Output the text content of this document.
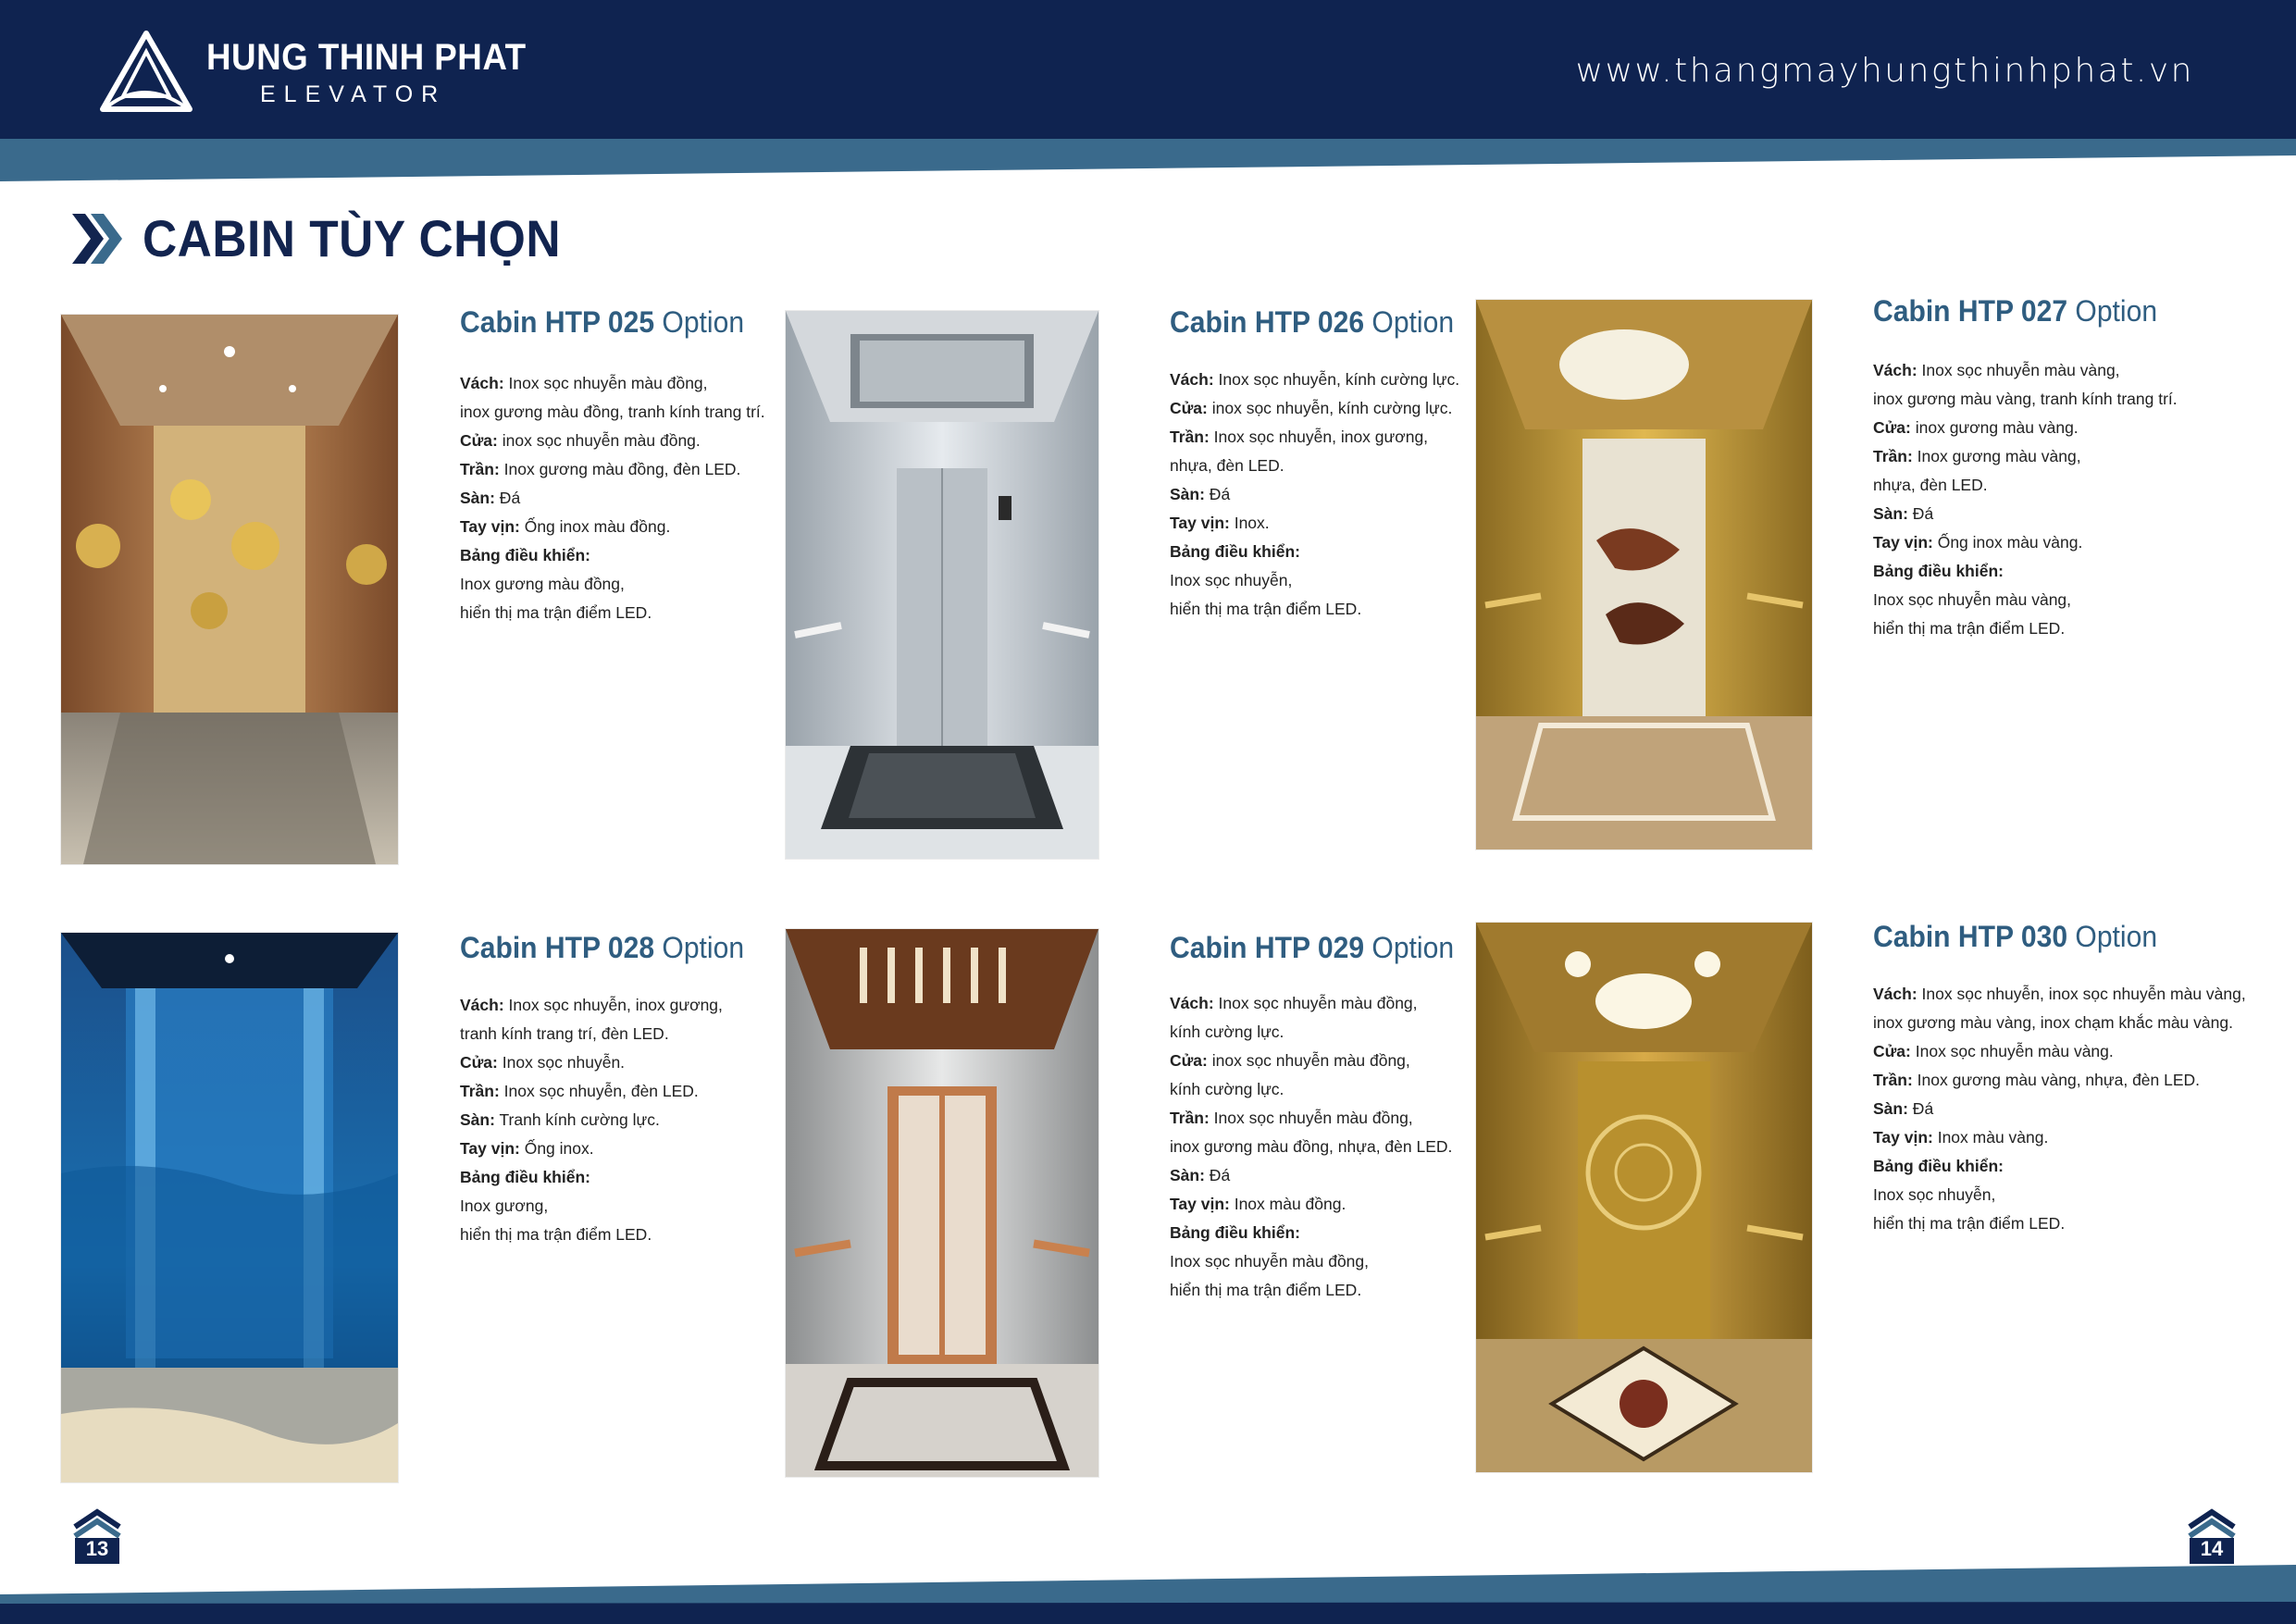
HUNG THINH PHAT
ELEVATOR
www.thangmayhungthinhphat.vn
CABIN TÙY CHỌN
Cabin HTP 025 Option

Vách: Inox sọc nhuyễn màu đồng,

inox gương màu đồng, tranh kính trang trí.

Cửa: inox sọc nhuyễn màu đồng.

Trần: Inox gương màu đồng, đèn LED.

Sàn: Đá

Tay vịn: Ống inox màu đồng.

Bảng điều khiển:

Inox gương màu đồng,

hiển thị ma trận điểm LED.

Cabin HTP 026 Option

Vách: Inox sọc nhuyễn, kính cường lực.

Cửa: inox sọc nhuyễn, kính cường lực.

Trần: Inox sọc nhuyễn, inox gương,

nhựa, đèn LED.

Sàn: Đá

Tay vịn: Inox.

Bảng điều khiển:

Inox sọc nhuyễn,

hiển thị ma trận điểm LED.

Cabin HTP 027 Option

Vách: Inox sọc nhuyễn màu vàng,

inox gương màu vàng, tranh kính trang trí.

Cửa: inox gương màu vàng.

Trần: Inox gương màu vàng,

nhựa, đèn LED.

Sàn: Đá

Tay vịn: Ống inox màu vàng.

Bảng điều khiển:

Inox sọc nhuyễn màu vàng,

hiển thị ma trận điểm LED.

Cabin HTP 028 Option

Vách: Inox sọc nhuyễn, inox gương,

tranh kính trang trí, đèn LED.

Cửa: Inox sọc nhuyễn.

Trần: Inox sọc nhuyễn, đèn LED.

Sàn: Tranh kính cường lực.

Tay vịn: Ống inox.

Bảng điều khiển:

Inox gương,

hiển thị ma trận điểm LED.

Cabin HTP 029 Option

Vách: Inox sọc nhuyễn màu đồng,

kính cường lực.

Cửa: inox sọc nhuyễn màu đồng,

kính cường lực.

Trần: Inox sọc nhuyễn màu đồng,

inox gương màu đồng, nhựa, đèn LED.

Sàn: Đá

Tay vịn: Inox màu đồng.

Bảng điều khiển:

Inox sọc nhuyễn màu đồng,

hiển thị ma trận điểm LED.

Cabin HTP 030 Option

Vách: Inox sọc nhuyễn, inox sọc nhuyễn màu vàng,

inox gương màu vàng, inox chạm khắc màu vàng.

Cửa: Inox sọc nhuyễn màu vàng.

Trần: Inox gương màu vàng, nhựa, đèn LED.

Sàn: Đá

Tay vịn: Inox màu vàng.

Bảng điều khiển:

Inox sọc nhuyễn,

hiển thị ma trận điểm LED.

13	14
